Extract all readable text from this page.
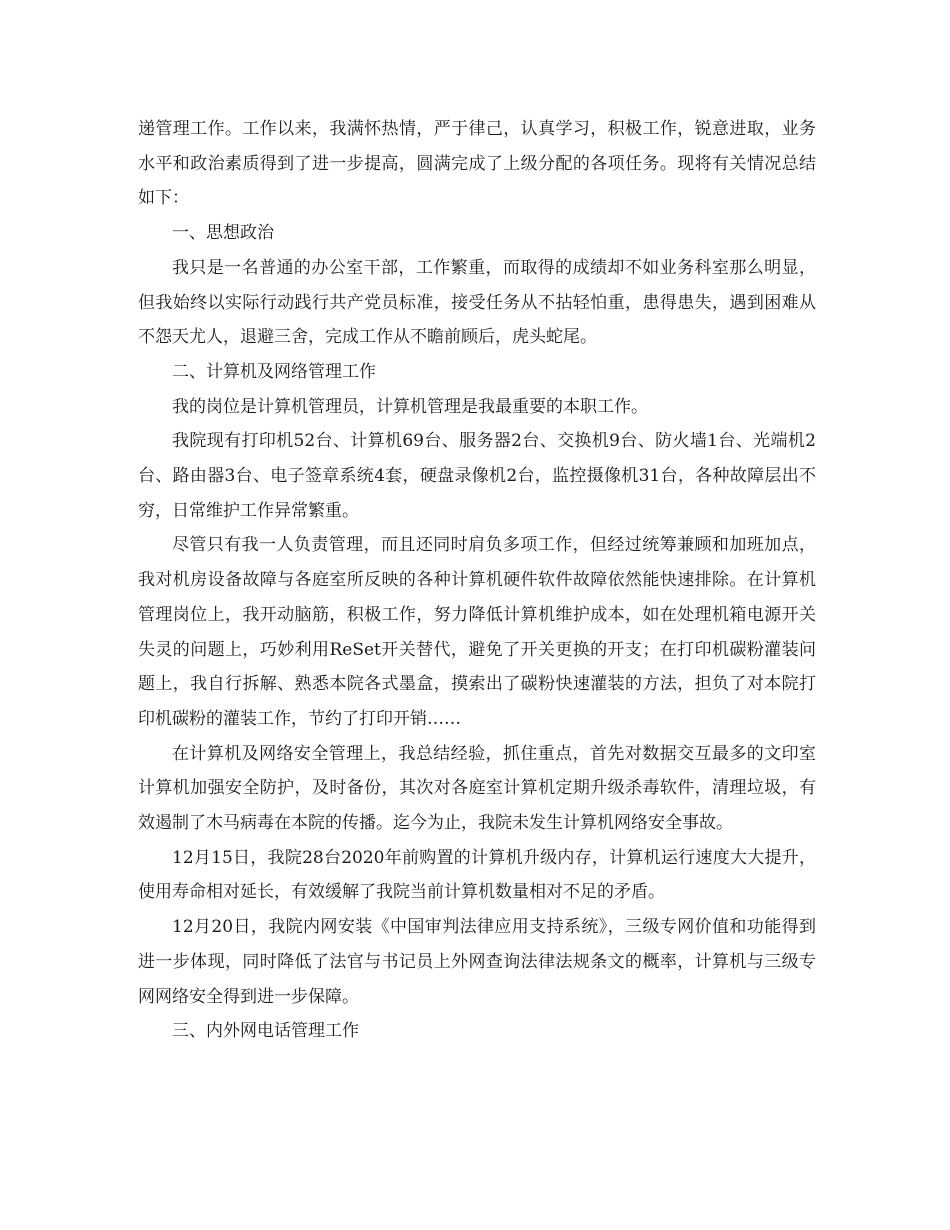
递管理工作。工作以来，我满怀热情，严于律己，认真学习，积极工作，锐意进取，业务水平和政治素质得到了进一步提高，圆满完成了上级分配的各项任务。现将有关情况总结如下：

一、思想政治

我只是一名普通的办公室干部，工作繁重，而取得的成绩却不如业务科室那么明显，但我始终以实际行动践行共产党员标准，接受任务从不拈轻怕重，患得患失，遇到困难从不怨天尤人，退避三舍，完成工作从不瞻前顾后，虎头蛇尾。

二、计算机及网络管理工作

我的岗位是计算机管理员，计算机管理是我最重要的本职工作。

我院现有打印机52台、计算机69台、服务器2台、交换机9台、防火墙1台、光端机2台、路由器3台、电子签章系统4套，硬盘录像机2台，监控摄像机31台，各种故障层出不穷，日常维护工作异常繁重。

尽管只有我一人负责管理，而且还同时肩负多项工作，但经过统筹兼顾和加班加点，我对机房设备故障与各庭室所反映的各种计算机硬件软件故障依然能快速排除。在计算机管理岗位上，我开动脑筋，积极工作，努力降低计算机维护成本，如在处理机箱电源开关失灵的问题上，巧妙利用ReSet开关替代，避免了开关更换的开支；在打印机碳粉灌装问题上，我自行拆解、熟悉本院各式墨盒，摸索出了碳粉快速灌装的方法，担负了对本院打印机碳粉的灌装工作，节约了打印开销……

在计算机及网络安全管理上，我总结经验，抓住重点，首先对数据交互最多的文印室计算机加强安全防护，及时备份，其次对各庭室计算机定期升级杀毒软件，清理垃圾，有效遏制了木马病毒在本院的传播。迄今为止，我院未发生计算机网络安全事故。

12月15日，我院28台2020年前购置的计算机升级内存，计算机运行速度大大提升，使用寿命相对延长，有效缓解了我院当前计算机数量相对不足的矛盾。

12月20日，我院内网安装《中国审判法律应用支持系统》，三级专网价值和功能得到进一步体现，同时降低了法官与书记员上外网查询法律法规条文的概率，计算机与三级专网网络安全得到进一步保障。

三、内外网电话管理工作
